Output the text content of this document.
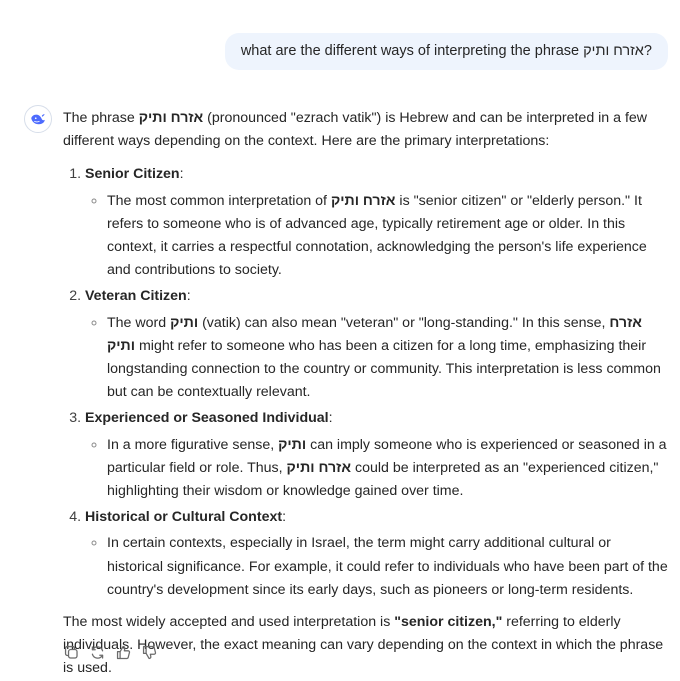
what are the different ways of interpreting the phrase אזרח ותיק?

The phrase אזרח ותיק (pronounced "ezrach vatik") is Hebrew and can be interpreted in a few different ways depending on the context. Here are the primary interpretations:

1. Senior Citizen:
◦ The most common interpretation of אזרח ותיק is "senior citizen" or "elderly person." It refers to someone who is of advanced age, typically retirement age or older. In this context, it carries a respectful connotation, acknowledging the person's life experience and contributions to society.
2. Veteran Citizen:
◦ The word ותיק (vatik) can also mean "veteran" or "long-standing." In this sense, אזרח ותיק might refer to someone who has been a citizen for a long time, emphasizing their longstanding connection to the country or community. This interpretation is less common but can be contextually relevant.
3. Experienced or Seasoned Individual:
◦ In a more figurative sense, ותיק can imply someone who is experienced or seasoned in a particular field or role. Thus, אזרח ותיק could be interpreted as an "experienced citizen," highlighting their wisdom or knowledge gained over time.
4. Historical or Cultural Context:
◦ In certain contexts, especially in Israel, the term might carry additional cultural or historical significance. For example, it could refer to individuals who have been part of the country's development since its early days, such as pioneers or long-term residents.

The most widely accepted and used interpretation is "senior citizen," referring to elderly individuals. However, the exact meaning can vary depending on the context in which the phrase is used.
